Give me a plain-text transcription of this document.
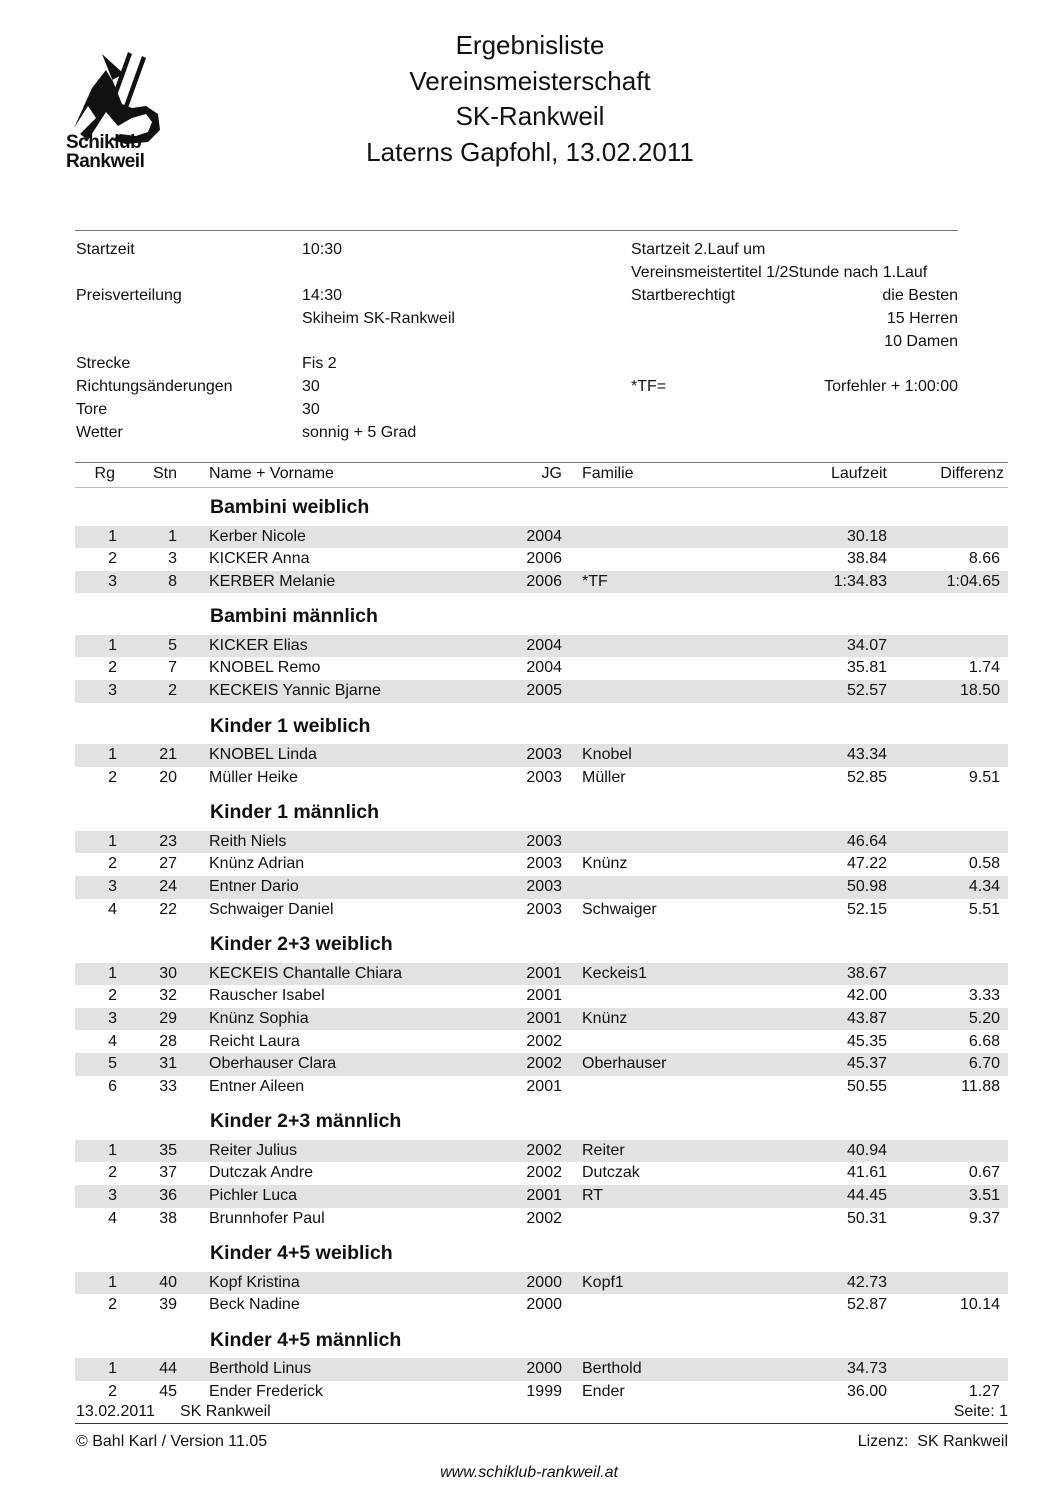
Schiklub
Rankweil
Ergebnisliste
Vereinsmeisterschaft
SK-Rankweil
Laterns Gapfohl, 13.02.2011
Startzeit	10:30
Preisverteilung	14:30
Skiheim SK-Rankweil
Strecke	Fis 2
Richtungsänderungen	30
Tore	30
Wetter	sonnig + 5 Grad
Startzeit 2.Lauf um
Vereinsmeistertitel 1/2Stunde nach 1.Lauf
Startberechtigt	die Besten
15 Herren
10 Damen
*TF=	Torfehler + 1:00:00
Rg	Stn Name + Vorname	JG Familie	Laufzeit	Differenz
Bambini weiblich
1	1 Kerber Nicole	2004	30.18
2	3 KICKER Anna	2006	38.84	8.66
3	8 KERBER Melanie	2006 *TF	1:34.83	1:04.65
Bambini männlich
1	5 KICKER Elias	2004	34.07
2	7 KNOBEL Remo	2004	35.81	1.74
3	2 KECKEIS Yannic Bjarne	2005	52.57	18.50
Kinder 1 weiblich
1	21 KNOBEL Linda	2003 Knobel	43.34
2	20 Müller Heike	2003 Müller	52.85	9.51
Kinder 1 männlich
1	23 Reith Niels	2003	46.64
2	27 Knünz Adrian	2003 Knünz	47.22	0.58
3	24 Entner Dario	2003	50.98	4.34
4	22 Schwaiger Daniel	2003 Schwaiger	52.15	5.51
Kinder 2+3 weiblich
1	30 KECKEIS Chantalle Chiara	2001 Keckeis1	38.67
2	32 Rauscher Isabel	2001	42.00	3.33
3	29 Knünz Sophia	2001 Knünz	43.87	5.20
4	28 Reicht Laura	2002	45.35	6.68
5	31 Oberhauser Clara	2002 Oberhauser	45.37	6.70
6	33 Entner Aileen	2001	50.55	11.88
Kinder 2+3 männlich
1	35 Reiter Julius	2002 Reiter	40.94
2	37 Dutczak Andre	2002 Dutczak	41.61	0.67
3	36 Pichler Luca	2001 RT	44.45	3.51
4	38 Brunnhofer Paul	2002	50.31	9.37
Kinder 4+5 weiblich
1	40 Kopf Kristina	2000 Kopf1	42.73
2	39 Beck Nadine	2000	52.87	10.14
Kinder 4+5 männlich
1	44 Berthold Linus	2000 Berthold	34.73
2	45 Ender Frederick	1999 Ender	36.00	1.27
13.02.2011 SK Rankweil	Seite: 1
© Bahl Karl / Version 11.05	Lizenz:  SK Rankweil
www.schiklub-rankweil.at
